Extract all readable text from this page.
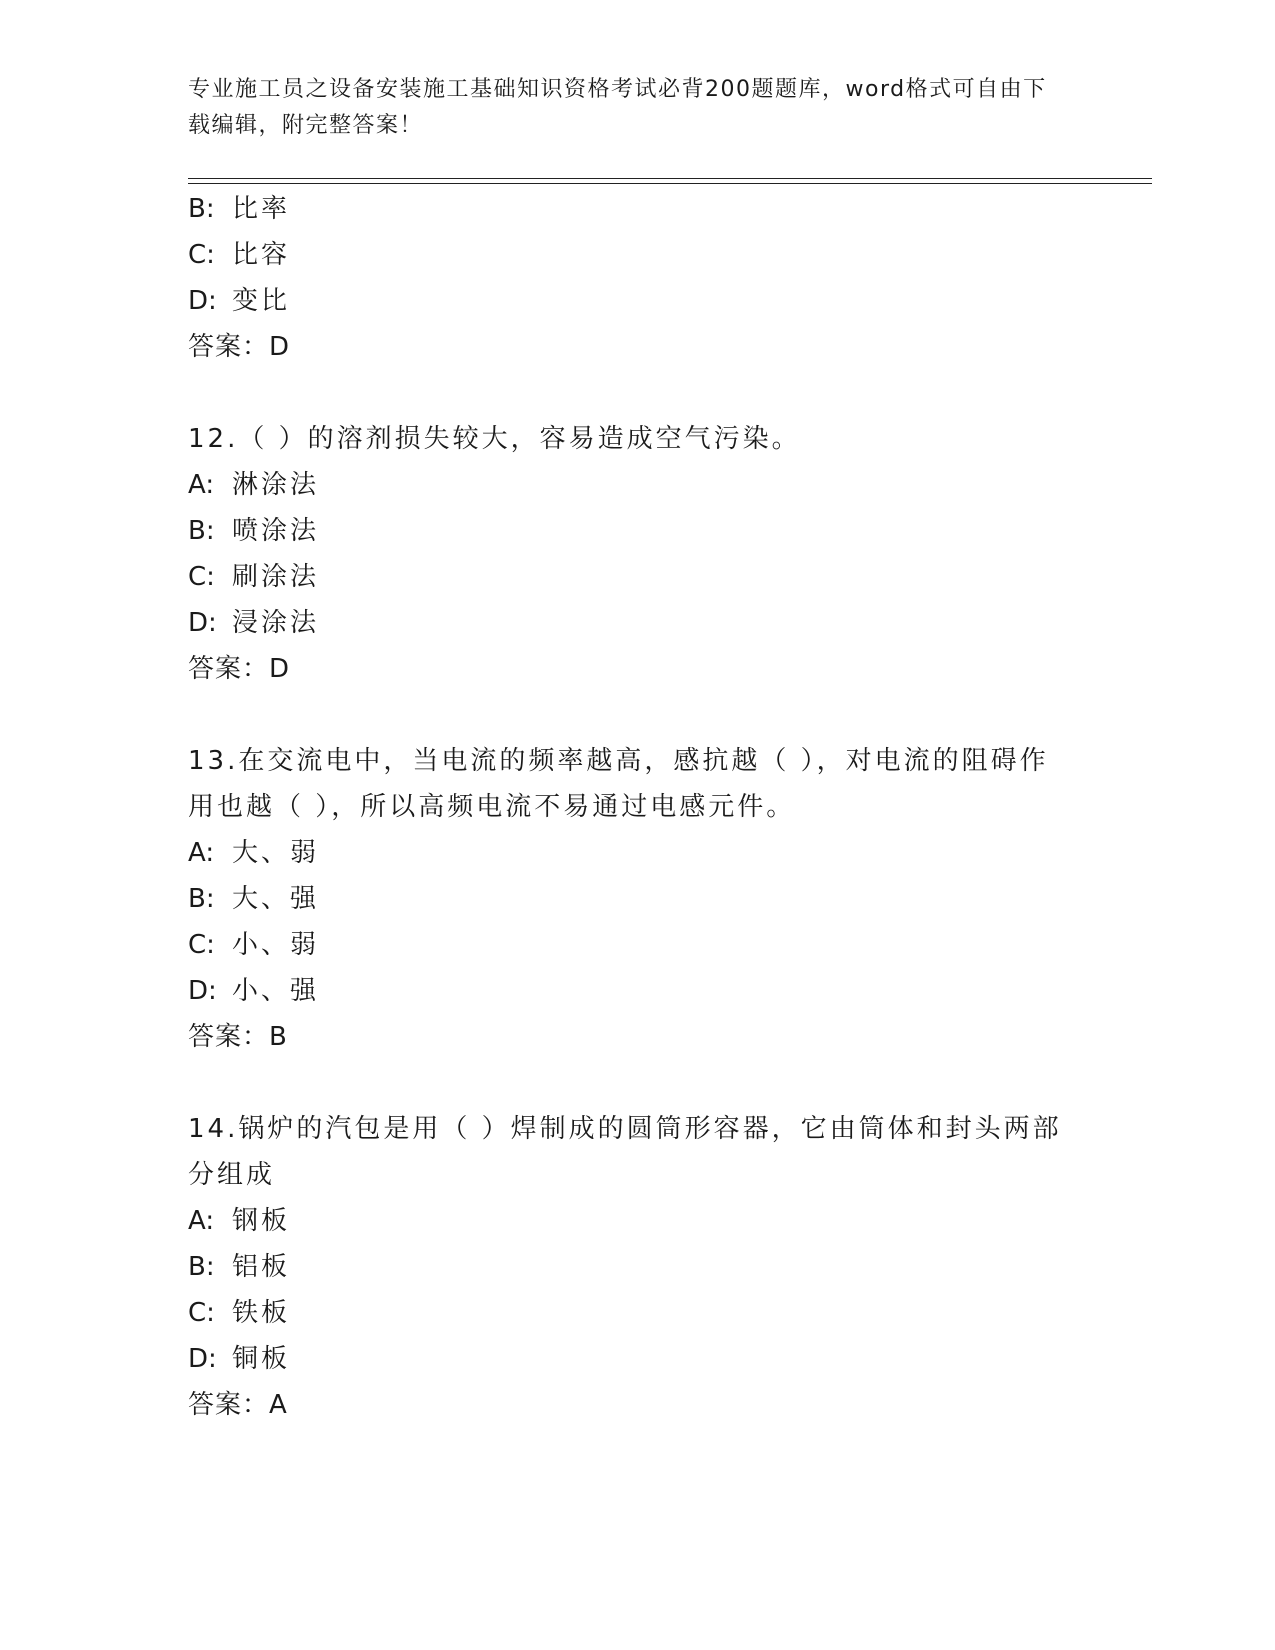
专业施工员之设备安装施工基础知识资格考试必背200题题库，word格式可自由下载编辑，附完整答案！
B: 比率
C: 比容
D: 变比
答案：D
12.（ ）的溶剂损失较大，容易造成空气污染。
A: 淋涂法
B: 喷涂法
C: 刷涂法
D: 浸涂法
答案：D
13.在交流电中，当电流的频率越高，感抗越（ ），对电流的阻碍作
用也越（ ），所以高频电流不易通过电感元件。
A: 大、弱
B: 大、强
C: 小、弱
D: 小、强
答案：B
14.锅炉的汽包是用（ ）焊制成的圆筒形容器，它由筒体和封头两部
分组成
A: 钢板
B: 铝板
C: 铁板
D: 铜板
答案：A
